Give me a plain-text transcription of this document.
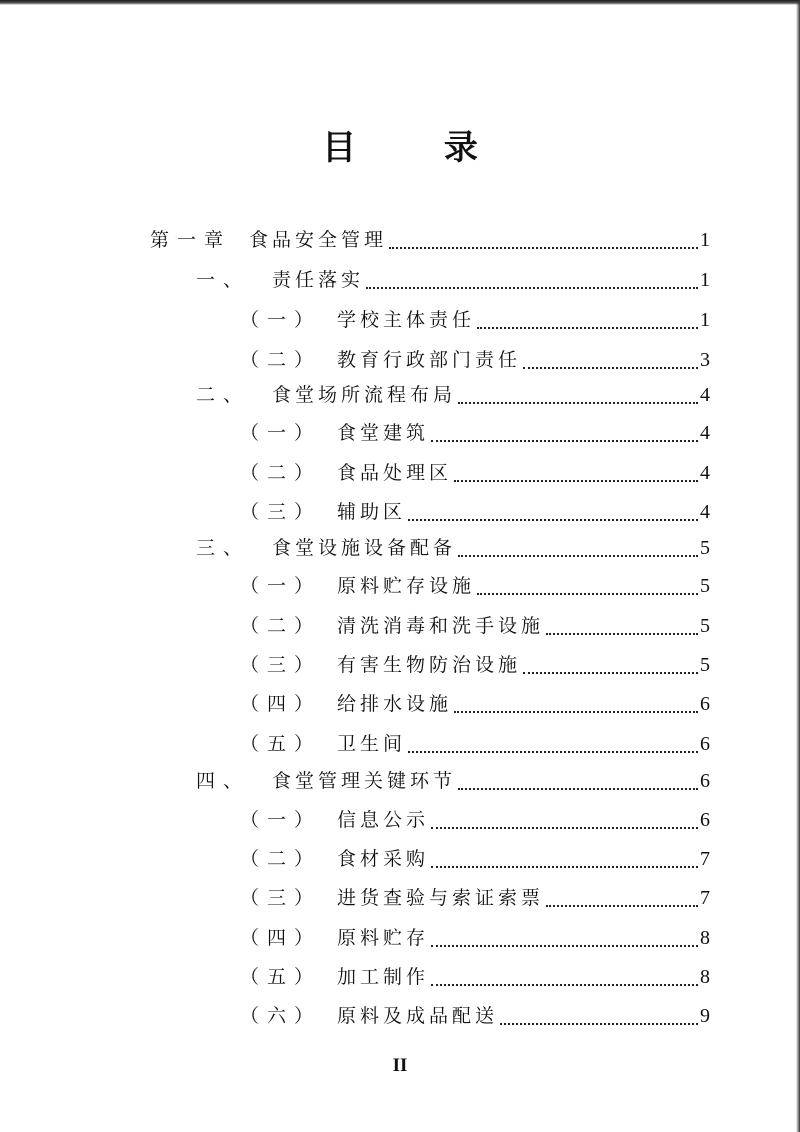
目 录
第一章 食品安全管理	1
一、 责任落实	1
（一） 学校主体责任	1
（二） 教育行政部门责任	3
二、 食堂场所流程布局	4
（一） 食堂建筑	4
（二） 食品处理区	4
（三） 辅助区	4
三、 食堂设施设备配备	5
（一） 原料贮存设施	5
（二） 清洗消毒和洗手设施	5
（三） 有害生物防治设施	5
（四） 给排水设施	6
（五） 卫生间	6
四、 食堂管理关键环节	6
（一） 信息公示	6
（二） 食材采购	7
（三） 进货查验与索证索票	7
（四） 原料贮存	8
（五） 加工制作	8
（六） 原料及成品配送	9
II
